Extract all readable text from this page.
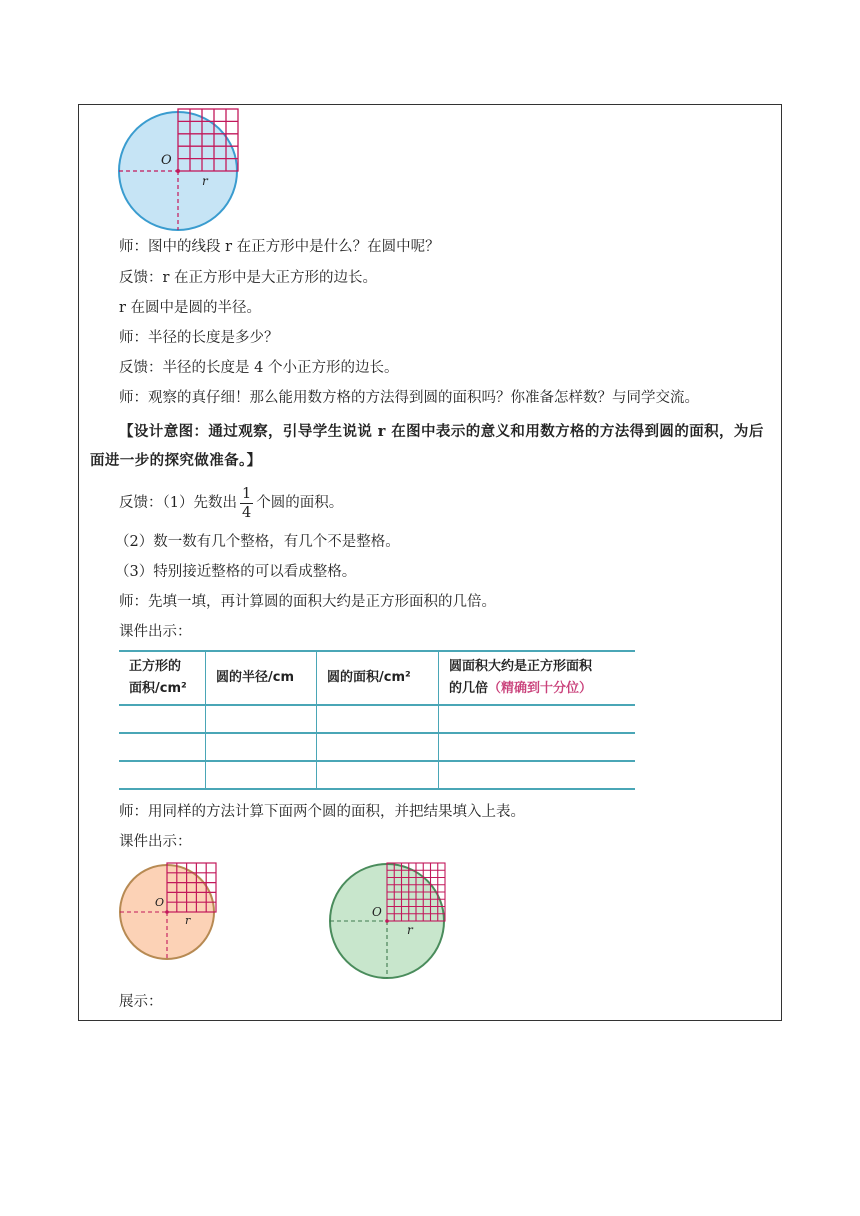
O
r
师：图中的线段 r 在正方形中是什么？在圆中呢？
反馈：r 在正方形中是大正方形的边长。
r 在圆中是圆的半径。
师：半径的长度是多少？
反馈：半径的长度是 4 个小正方形的边长。
师：观察的真仔细！那么能用数方格的方法得到圆的面积吗？你准备怎样数？与同学交流。
【设计意图：通过观察，引导学生说说 r 在图中表示的意义和用数方格的方法得到圆的面积，为后面进一步的探究做准备。】
反馈：（1）先数出 $\frac{1}{4}$ 个圆的面积。
（2）数一数有几个整格，有几个不是整格。
（3）特别接近整格的可以看成整格。
师：先填一填，再计算圆的面积大约是正方形面积的几倍。
课件出示：
正方形的
面积/cm²	圆的半径/cm	圆的面积/cm²	圆面积大约是正方形面积
的几倍（精确到十分位）

师：用同样的方法计算下面两个圆的面积，并把结果填入上表。
课件出示：
O
r
O
r
展示：
